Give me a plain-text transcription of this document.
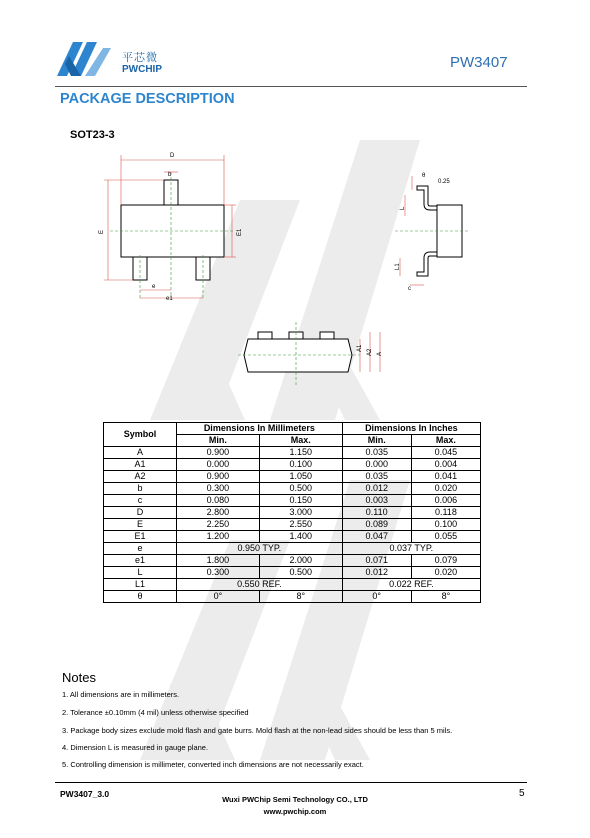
平芯微
PWCHIP	PW3407
PACKAGE DESCRIPTION
SOT23-3
D
b
E	E1
e
e1
θ
0.25
L
L1
c
A1
A2 A
Symbol	Dimensions In Millimeters		Dimensions In Inches	
	Min.	Max.	Min.	Max.
A	0.900	1.150	0.035	0.045
A1	0.000	0.100	0.000	0.004
A2	0.900	1.050	0.035	0.041
b	0.300	0.500	0.012	0.020
c	0.080	0.150	0.003	0.006
D	2.800	3.000	0.110	0.118
E	2.250	2.550	0.089	0.100
E1	1.200	1.400	0.047	0.055
e	0.950 TYP.		0.037 TYP.	
e1	1.800	2.000	0.071	0.079
L	0.300	0.500	0.012	0.020
L1	0.550 REF.		0.022 REF.	
θ	0°	8°	0°	8°
Notes
1. All dimensions are in millimeters.
2. Tolerance ±0.10mm (4 mil) unless otherwise specified
3. Package body sizes exclude mold flash and gate burrs. Mold flash at the non-lead sides should be less than 5 mils.
4. Dimension L is measured in gauge plane.
5. Controlling dimension is millimeter, converted inch dimensions are not necessarily exact.
PW3407_3.0
Wuxi PWChip Semi Technology CO., LTD
www.pwchip.com
5
